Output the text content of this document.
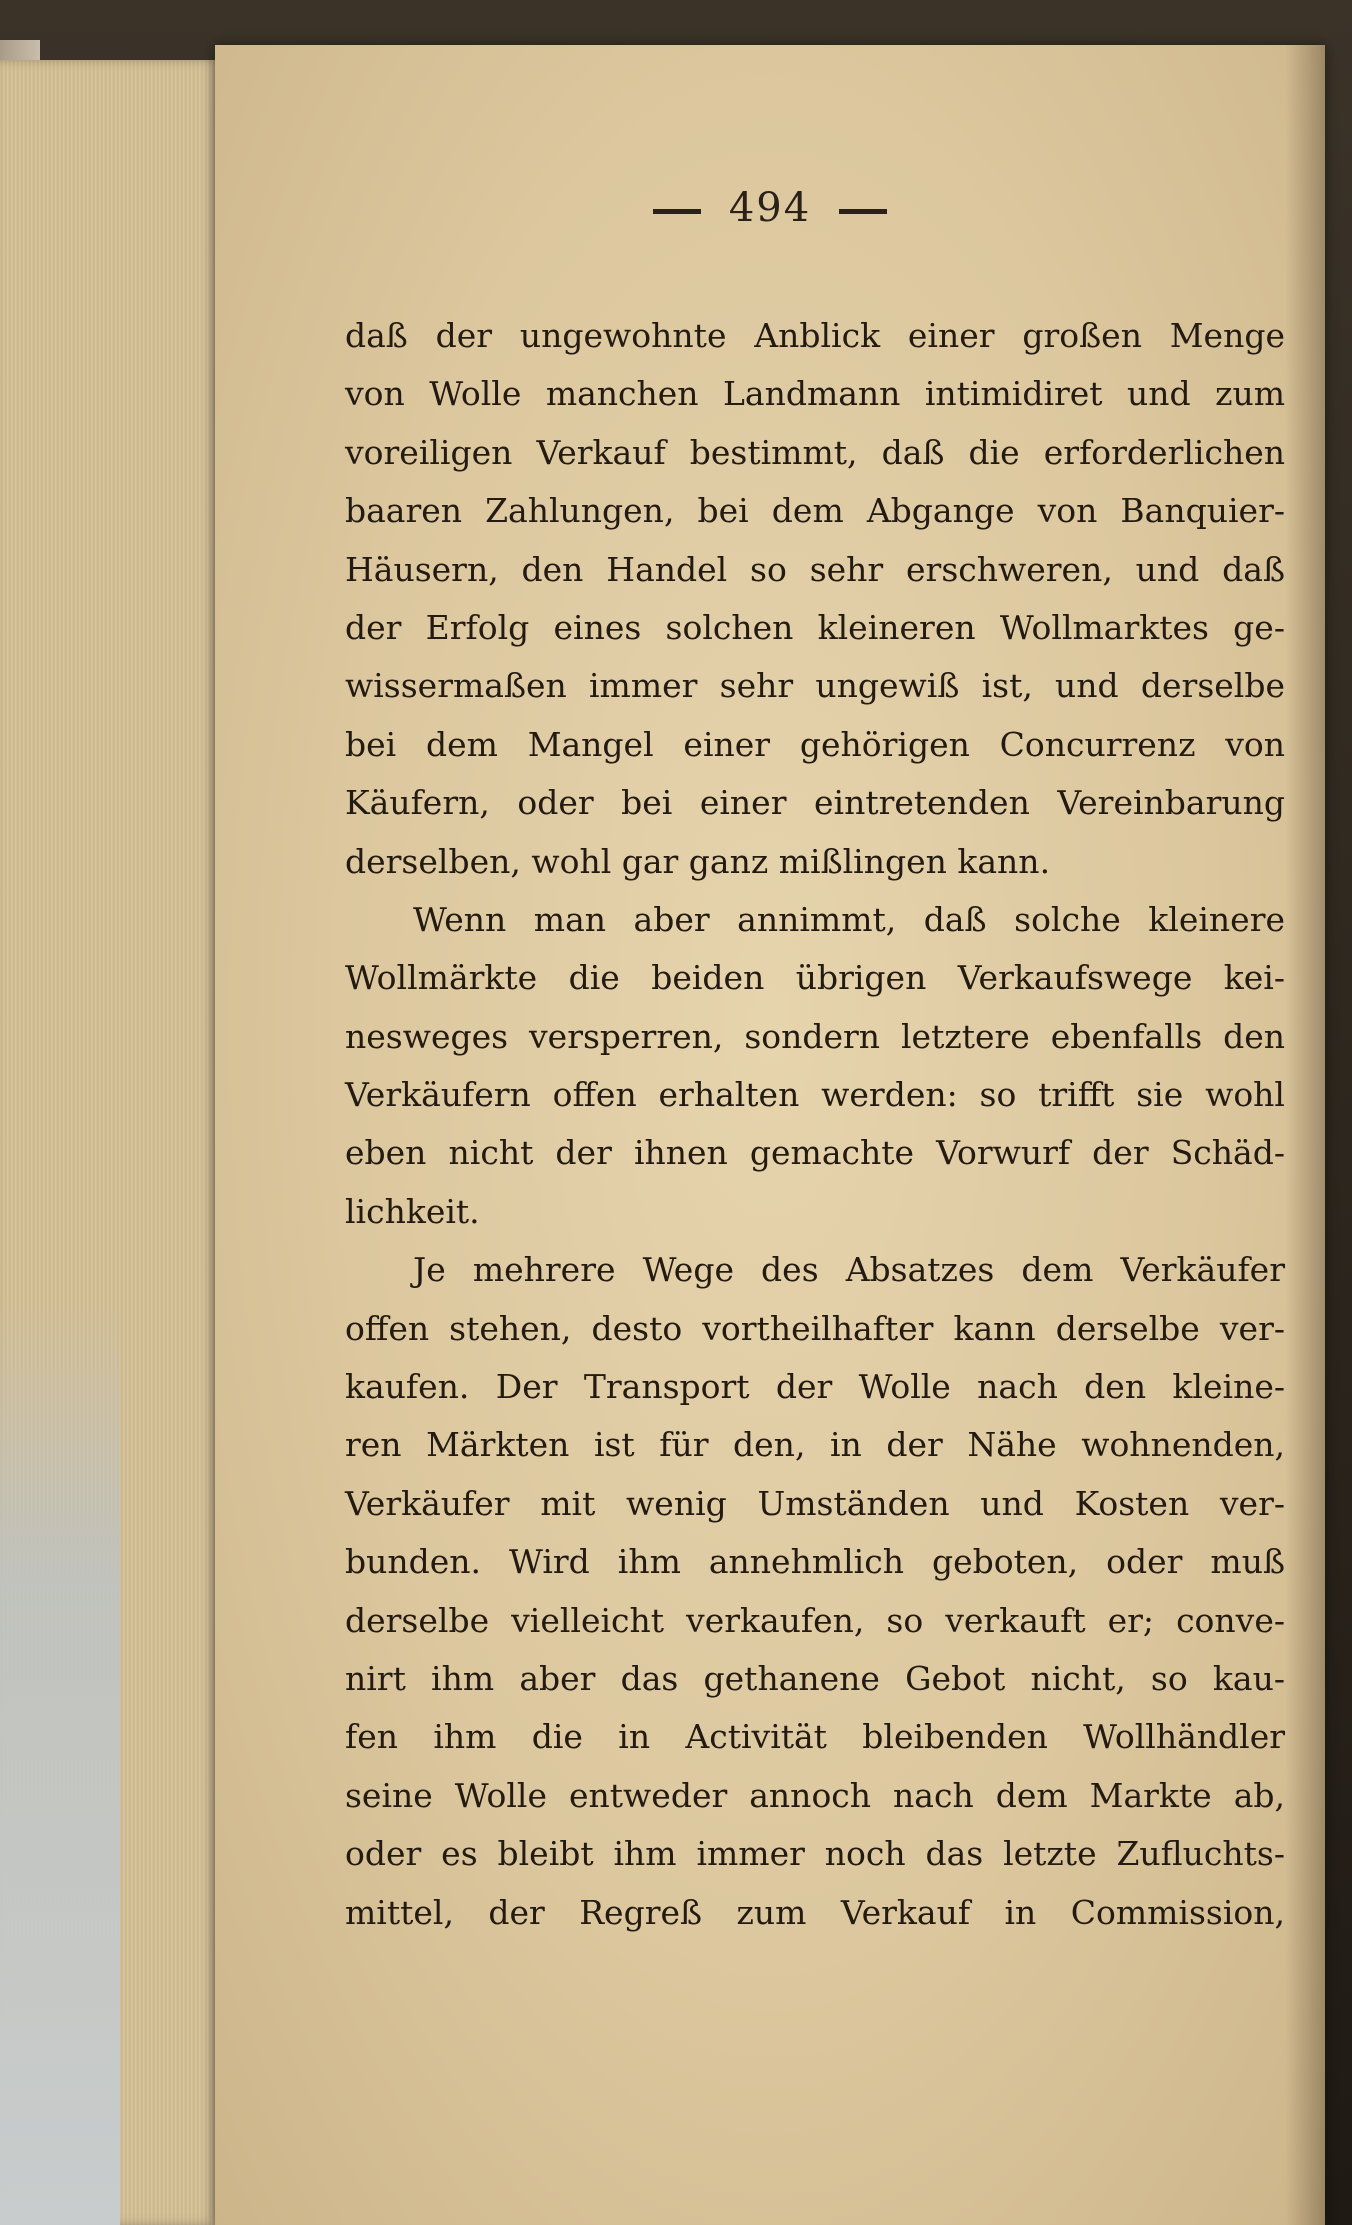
494
daß der ungewohnte Anblick einer großen Menge
von Wolle manchen Landmann intimidiret und zum
voreiligen Verkauf bestimmt, daß die erforderlichen
baaren Zahlungen, bei dem Abgange von Banquier-
Häusern, den Handel so sehr erschweren, und daß
der Erfolg eines solchen kleineren Wollmarktes ge-
wissermaßen immer sehr ungewiß ist, und derselbe
bei dem Mangel einer gehörigen Concurrenz von
Käufern, oder bei einer eintretenden Vereinbarung
derselben, wohl gar ganz mißlingen kann.
Wenn man aber annimmt, daß solche kleinere
Wollmärkte die beiden übrigen Verkaufswege kei-
nesweges versperren, sondern letztere ebenfalls den
Verkäufern offen erhalten werden: so trifft sie wohl
eben nicht der ihnen gemachte Vorwurf der Schäd-
lichkeit.
Je mehrere Wege des Absatzes dem Verkäufer
offen stehen, desto vortheilhafter kann derselbe ver-
kaufen. Der Transport der Wolle nach den kleine-
ren Märkten ist für den, in der Nähe wohnenden,
Verkäufer mit wenig Umständen und Kosten ver-
bunden. Wird ihm annehmlich geboten, oder muß
derselbe vielleicht verkaufen, so verkauft er; conve-
nirt ihm aber das gethanene Gebot nicht, so kau-
fen ihm die in Activität bleibenden Wollhändler
seine Wolle entweder annoch nach dem Markte ab,
oder es bleibt ihm immer noch das letzte Zufluchts-
mittel, der Regreß zum Verkauf in Commission,
